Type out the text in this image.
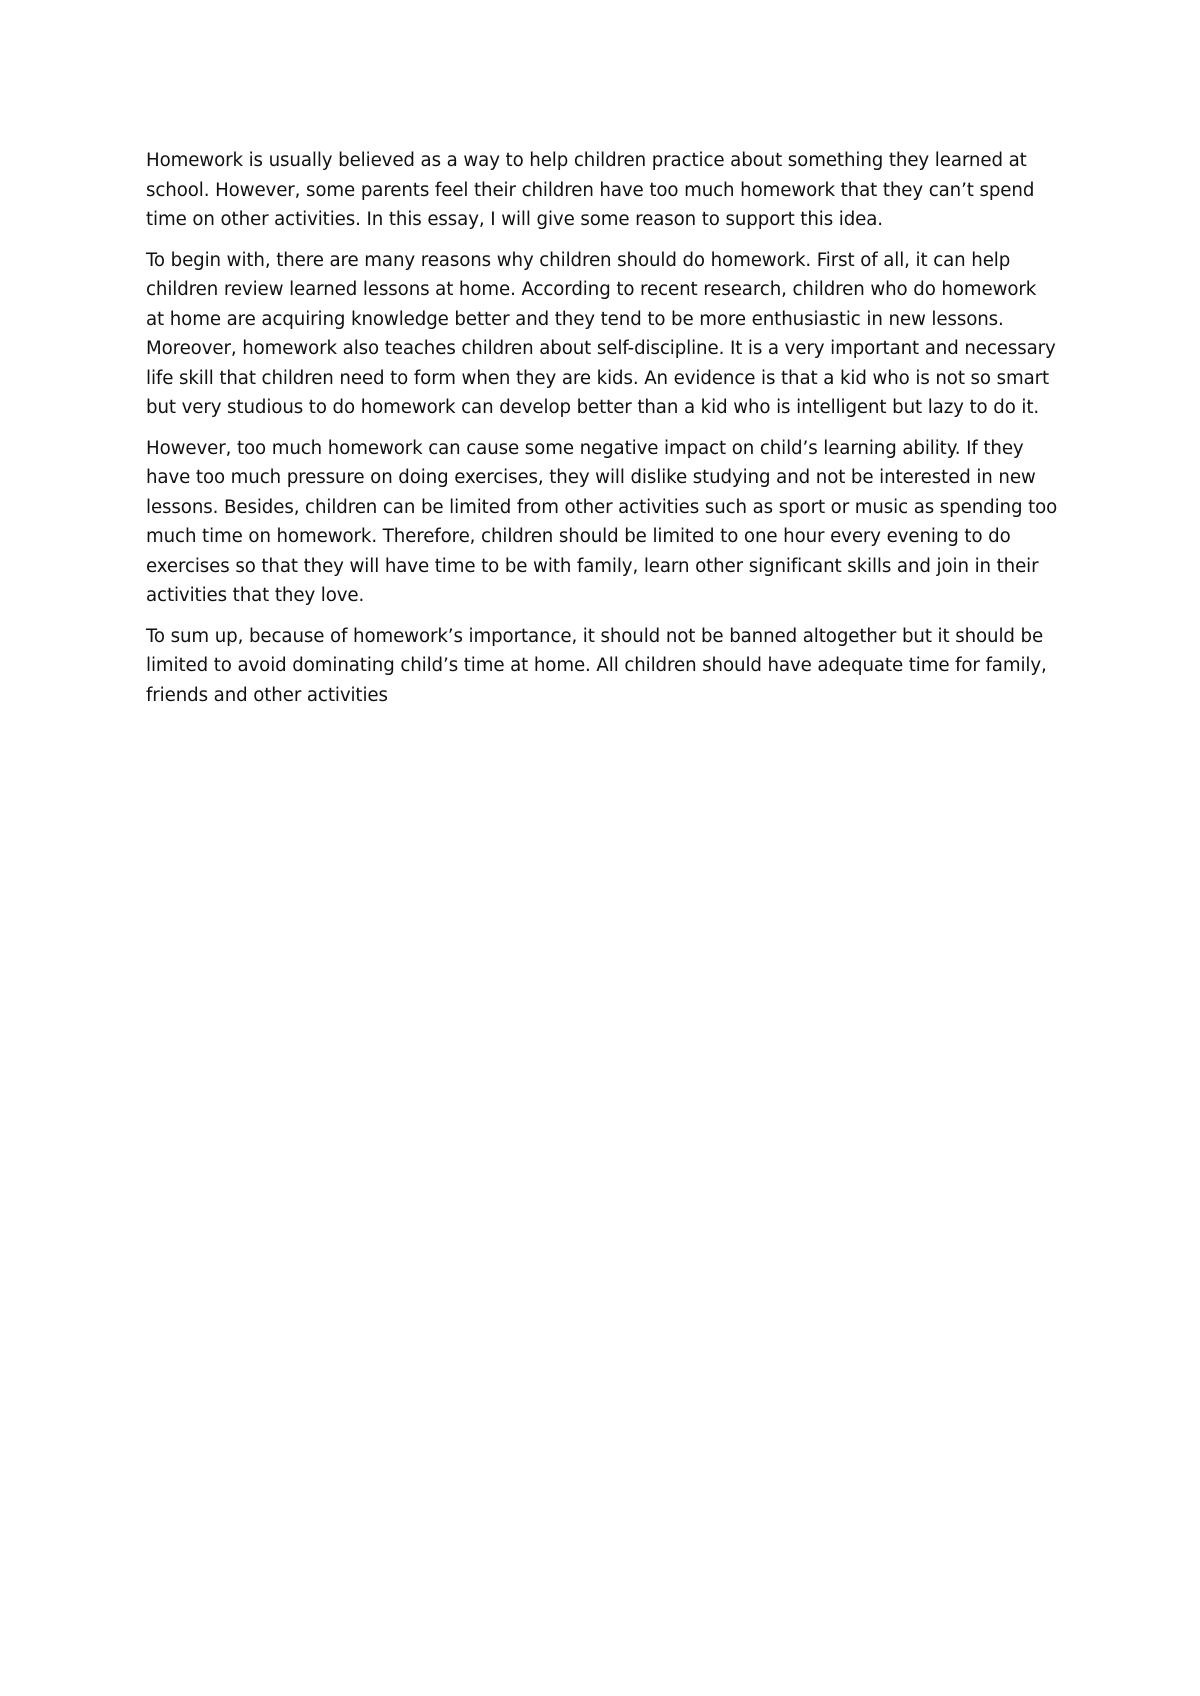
Homework is usually believed as a way to help children practice about something they learned at
school. However, some parents feel their children have too much homework that they can’t spend
time on other activities. In this essay, I will give some reason to support this idea.

To begin with, there are many reasons why children should do homework. First of all, it can help
children review learned lessons at home. According to recent research, children who do homework
at home are acquiring knowledge better and they tend to be more enthusiastic in new lessons.
Moreover, homework also teaches children about self-discipline. It is a very important and necessary
life skill that children need to form when they are kids. An evidence is that a kid who is not so smart
but very studious to do homework can develop better than a kid who is intelligent but lazy to do it.

However, too much homework can cause some negative impact on child’s learning ability. If they
have too much pressure on doing exercises, they will dislike studying and not be interested in new
lessons. Besides, children can be limited from other activities such as sport or music as spending too
much time on homework. Therefore, children should be limited to one hour every evening to do
exercises so that they will have time to be with family, learn other significant skills and join in their
activities that they love.

To sum up, because of homework’s importance, it should not be banned altogether but it should be
limited to avoid dominating child’s time at home. All children should have adequate time for family,
friends and other activities
